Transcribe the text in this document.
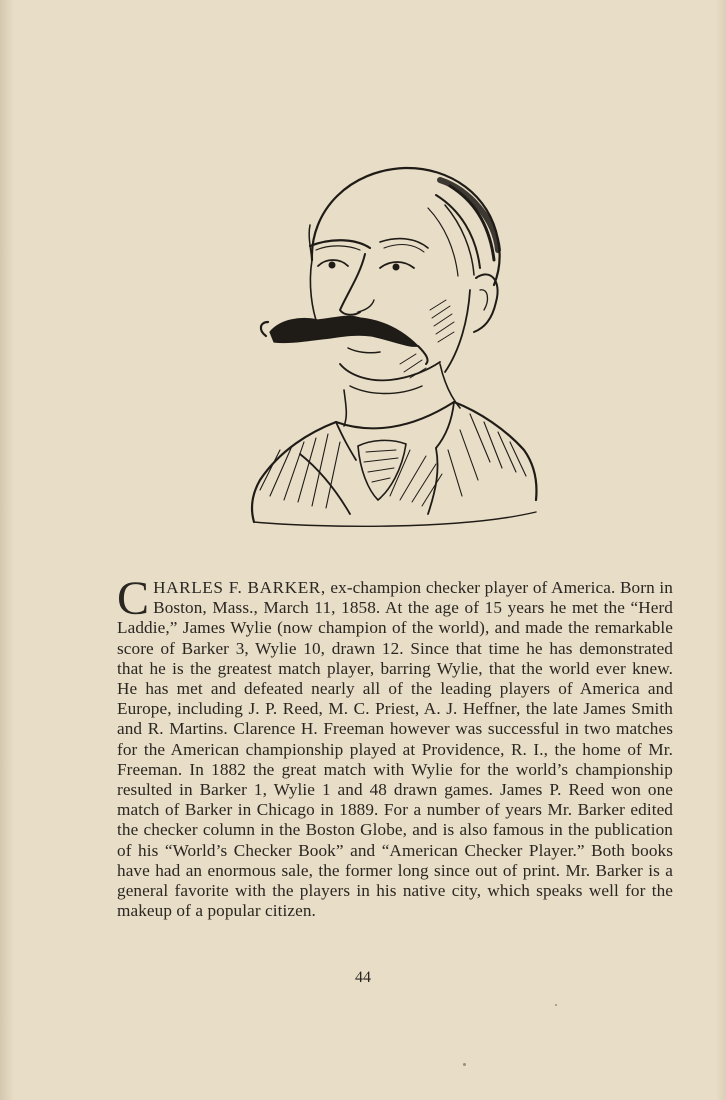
CHARLES F. BARKER, ex-champion checker player of America. Born in Boston, Mass., March 11, 1858. At the age of 15 years he met the “Herd Laddie,” James Wylie (now champion of the world), and made the remarkable score of Barker 3, Wylie 10, drawn 12. Since that time he has demonstrated that he is the greatest match player, barring Wylie, that the world ever knew. He has met and defeated nearly all of the leading players of America and Europe, including J. P. Reed, M. C. Priest, A. J. Heffner, the late James Smith and R. Martins. Clarence H. Freeman however was successful in two matches for the American championship played at Providence, R. I., the home of Mr. Freeman. In 1882 the great match with Wylie for the world’s championship resulted in Barker 1, Wylie 1 and 48 drawn games. James P. Reed won one match of Barker in Chicago in 1889. For a number of years Mr. Barker edited the checker column in the Boston Globe, and is also famous in the publication of his “World’s Checker Book” and “American Checker Player.” Both books have had an enormous sale, the former long since out of print. Mr. Barker is a general favorite with the players in his native city, which speaks well for the makeup of a popular citizen.
44
